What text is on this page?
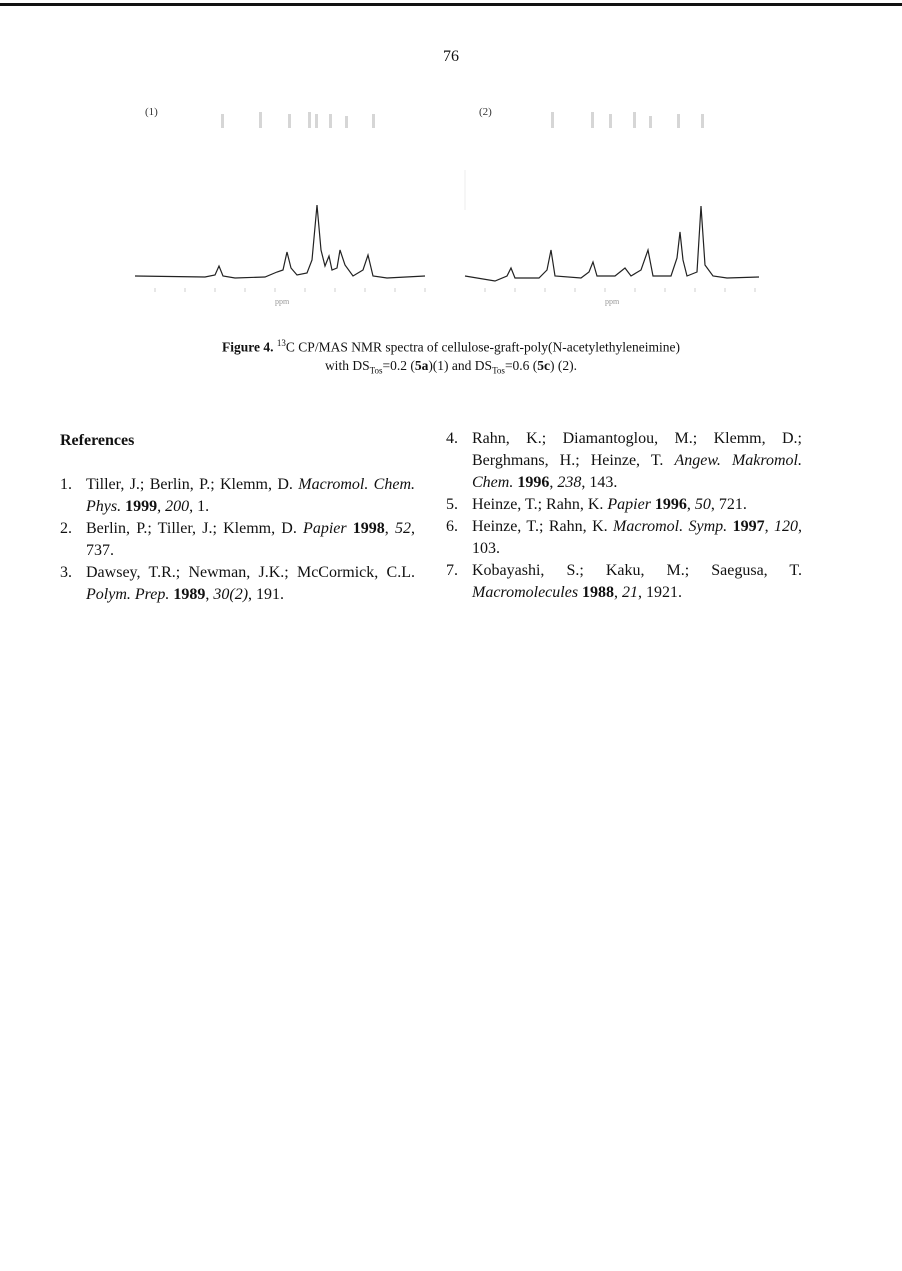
76
(1)
ppm
(2)
ppm
Figure 4. $^{13}$C CP/MAS NMR spectra of cellulose-graft-poly(N-acetylethyleneimine)
with $DS_{Tos}=0.2$ (5a)(1) and $DS_{Tos}=0.6$ (5c) (2).
References
1. Tiller, J.; Berlin, P.; Klemm, D. Macromol. Chem. Phys. 1999, 200, 1.
2. Berlin, P.; Tiller, J.; Klemm, D. Papier 1998, 52, 737.
3. Dawsey, T.R.; Newman, J.K.; McCormick, C.L. Polym. Prep. 1989, 30(2), 191.
4. Rahn, K.; Diamantoglou, M.; Klemm, D.; Berghmans, H.; Heinze, T. Angew. Makromol. Chem. 1996, 238, 143.
5. Heinze, T.; Rahn, K. Papier 1996, 50, 721.
6. Heinze, T.; Rahn, K. Macromol. Symp. 1997, 120, 103.
7. Kobayashi, S.; Kaku, M.; Saegusa, T. Macromolecules 1988, 21, 1921.
